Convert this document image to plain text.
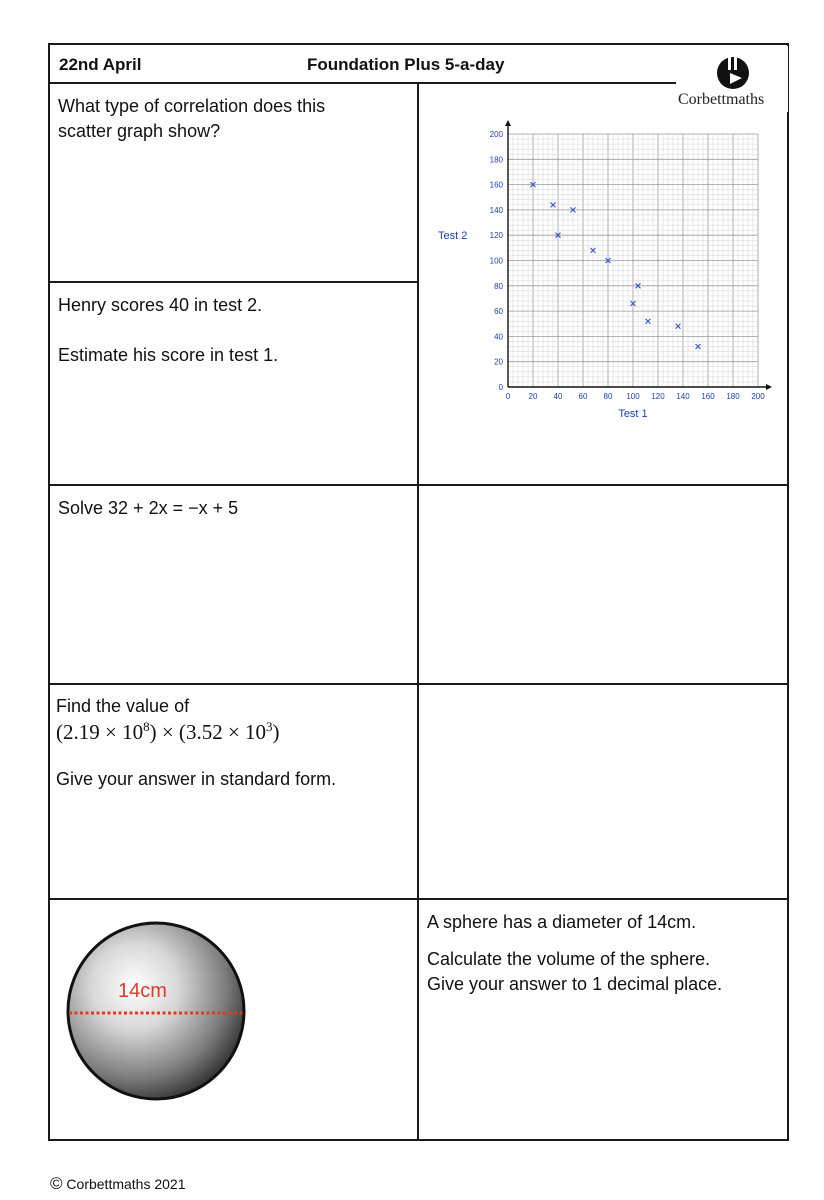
22nd April	Foundation Plus 5-a-day
Corbettmaths
What type of correlation does this
scatter graph show?
Henry scores 40 in test 2.
Estimate his score in test 1.
0 20 40 60 80 100 120 140 160 180 200
0
20
40
60
80
100
120
140
160
180
200
Test 1
Test 2
Solve 32 + 2x = −x + 5
Find the value of
$(2.19 \times 10^8) \times (3.52 \times 10^3)$
Give your answer in standard form.
14cm
A sphere has a diameter of 14cm.
Calculate the volume of the sphere.
Give your answer to 1 decimal place.
© Corbettmaths 2021
